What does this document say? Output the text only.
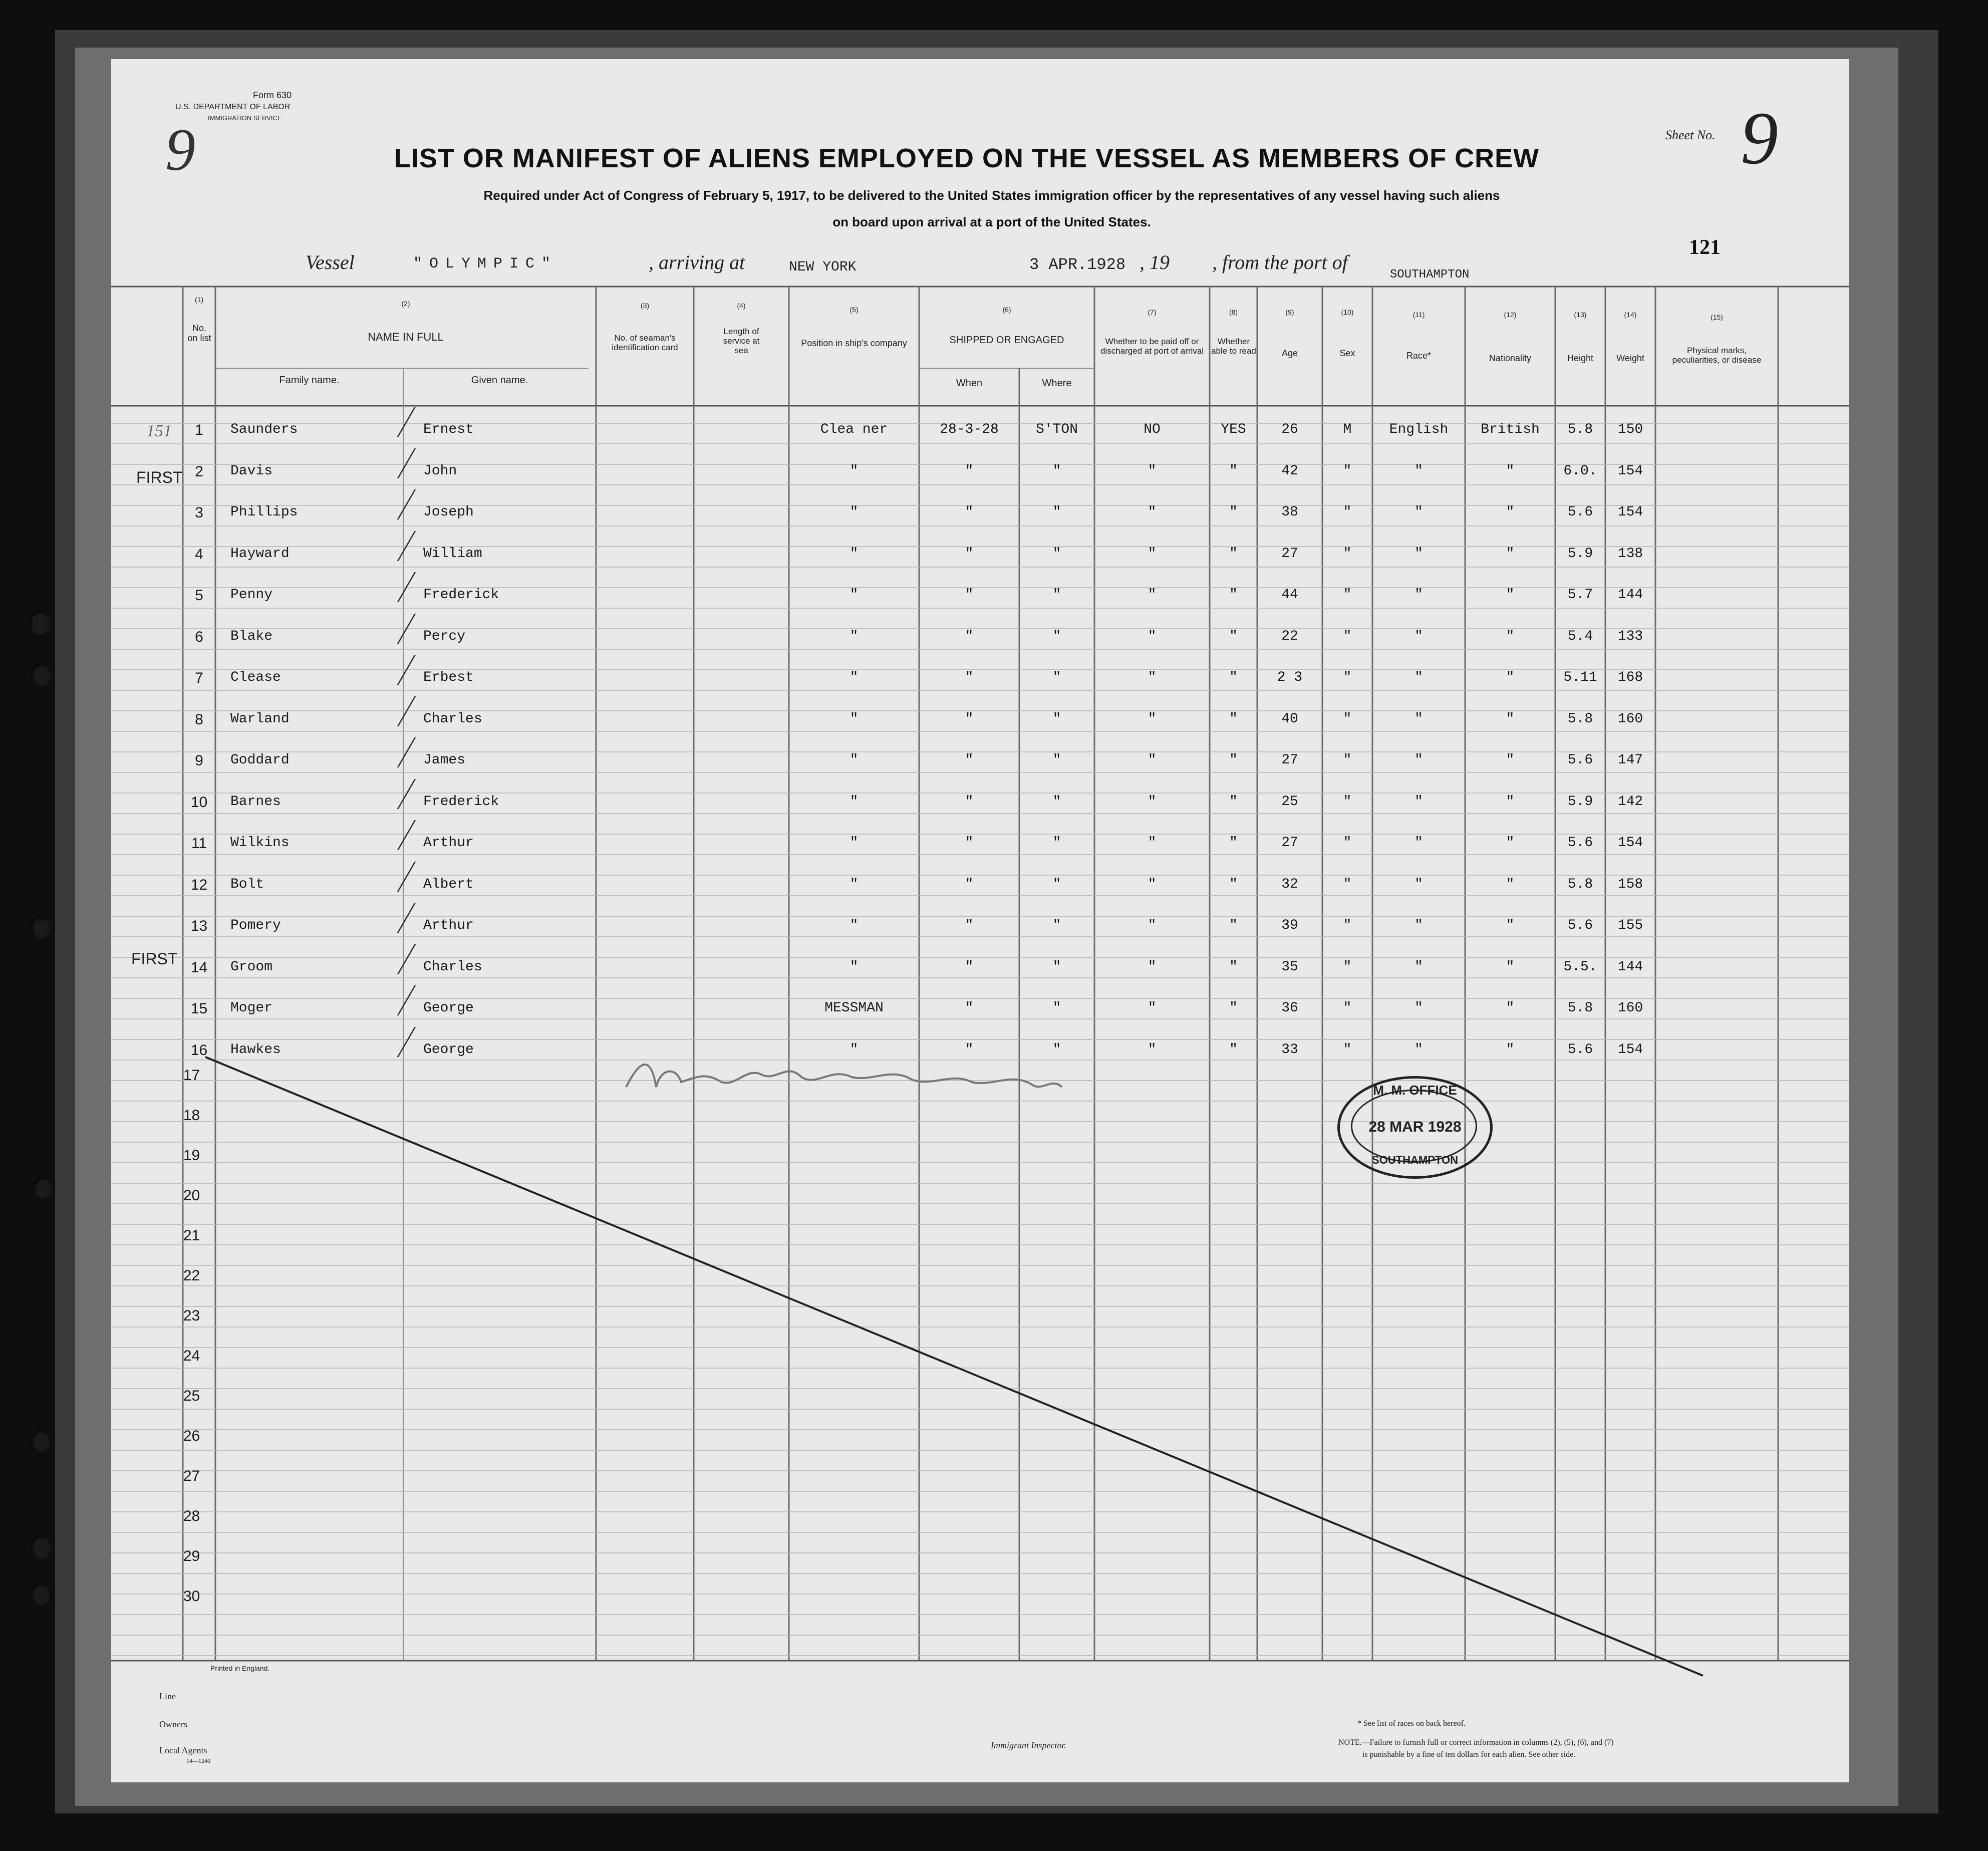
Form 630
U.S. DEPARTMENT OF LABOR
IMMIGRATION SERVICE
9	Sheet No. 9
LIST OR MANIFEST OF ALIENS EMPLOYED ON THE VESSEL AS MEMBERS OF CREW
Required under Act of Congress of February 5, 1917, to be delivered to the United States immigration officer by the representatives of any vessel having such aliens
on board upon arrival at a port of the United States.
121
Vessel	"OLYMPIC"	, arriving at	NEW YORK	3 APR.1928 , 19 , from the port of
SOUTHAMPTON
(1)
No. on list
(2)
NAME IN FULL
Family name.	Given name.
(3)
No. of seaman's identification card
(4)
Length of service at sea
(5)
Position in ship's company
(6)
SHIPPED OR ENGAGED
When	Where
(7)
Whether to be paid off or discharged at port of arrival
(8)
Whether able to read
(9)
Age
(10)
Sex
(11)
Race*
(12)
Nationality
(13)
Height
(14)
Weight
(15)
Physical marks, peculiarities, or disease
151
FIRST
FIRST
1	Saunders	Ernest	Clea ner	28-3-28	S'TON	NO	YES	26	M	English	British	5.8	150
2	Davis	John	"	"	"	"	"	42	"	"	"	6.0.	154
3	Phillips	Joseph	"	"	"	"	"	38	"	"	"	5.6	154
4	Hayward	William	"	"	"	"	"	27	"	"	"	5.9	138
5	Penny	Frederick	"	"	"	"	"	44	"	"	"	5.7	144
6	Blake	Percy	"	"	"	"	"	22	"	"	"	5.4	133
7	Clease	Erbest	"	"	"	"	"	2 3	"	"	"	5.11	168
8	Warland	Charles	"	"	"	"	"	40	"	"	"	5.8	160
9	Goddard	James	"	"	"	"	"	27	"	"	"	5.6	147
10	Barnes	Frederick	"	"	"	"	"	25	"	"	"	5.9	142
11	Wilkins	Arthur	"	"	"	"	"	27	"	"	"	5.6	154
12	Bolt	Albert	"	"	"	"	"	32	"	"	"	5.8	158
13	Pomery	Arthur	"	"	"	"	"	39	"	"	"	5.6	155
14	Groom	Charles	"	"	"	"	"	35	"	"	"	5.5.	144
15	Moger	George	MESSMAN	"	"	"	"	36	"	"	"	5.8	160
16	Hawkes	George	"	"	"	"	"	33	"	"	"	5.6	154
17
18
19
20
21
22
23
24
25
26
27
28
29
30
M. M. OFFICE
28 MAR 1928
SOUTHAMPTON
Printed in England.
Line
Owners
Local Agents
14—1240
Immigrant Inspector.
* See list of races on back hereof.
NOTE.—Failure to furnish full or correct information in columns (2), (5), (6), and (7)
is punishable by a fine of ten dollars for each alien. See other side.
